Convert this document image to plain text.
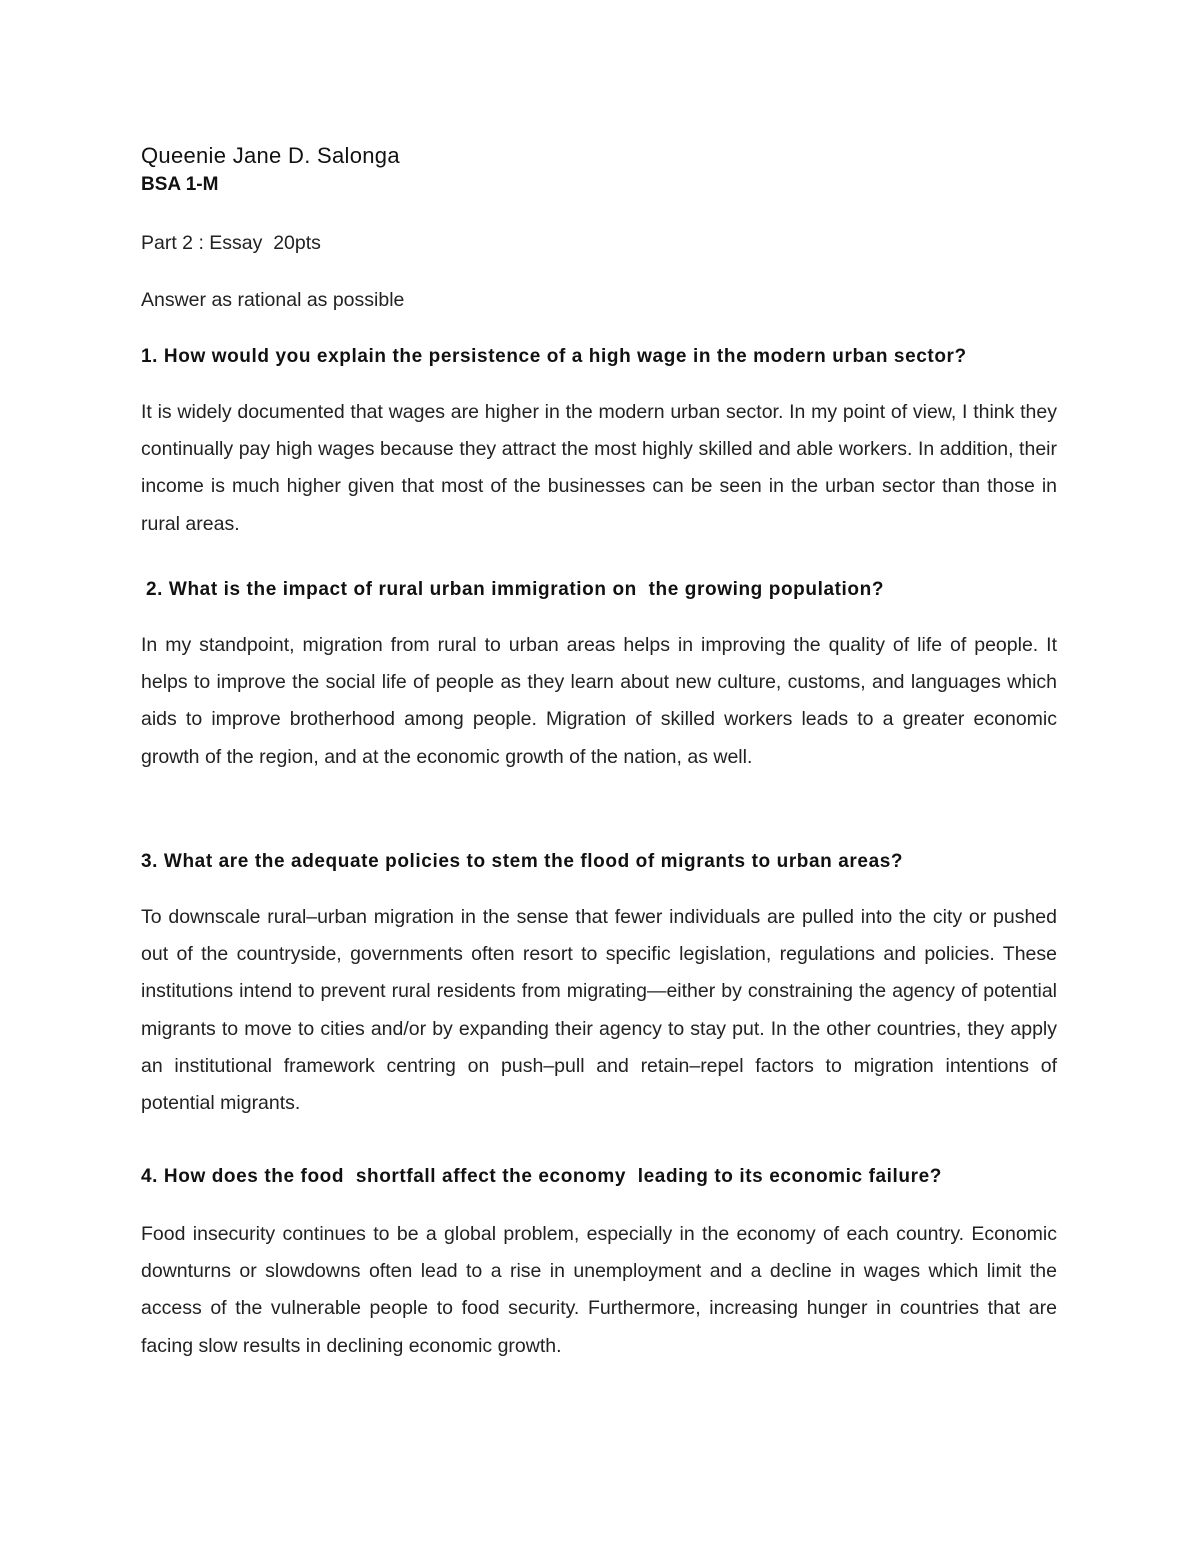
Queenie Jane D. Salonga

BSA 1-M

Part 2 : Essay  20pts

Answer as rational as possible

1. How would you explain the persistence of a high wage in the modern urban sector?

It is widely documented that wages are higher in the modern urban sector. In my point of view, I think they continually pay high wages because they attract the most highly skilled and able workers. In addition, their income is much higher given that most of the businesses can be seen in the urban sector than those in rural areas.

2. What is the impact of rural urban immigration on  the growing population?

In my standpoint, migration from rural to urban areas helps in improving the quality of life of people. It helps to improve the social life of people as they learn about new culture, customs, and languages which aids to improve brotherhood among people. Migration of skilled workers leads to a greater economic growth of the region, and at the economic growth of the nation, as well.

3. What are the adequate policies to stem the flood of migrants to urban areas?

To downscale rural–urban migration in the sense that fewer individuals are pulled into the city or pushed out of the countryside, governments often resort to specific legislation, regulations and policies. These institutions intend to prevent rural residents from migrating—either by constraining the agency of potential migrants to move to cities and/or by expanding their agency to stay put. In the other countries, they apply an institutional framework centring on push–pull and retain–repel factors to migration intentions of potential migrants.

4. How does the food  shortfall affect the economy  leading to its economic failure?

Food insecurity continues to be a global problem, especially in the economy of each country. Economic downturns or slowdowns often lead to a rise in unemployment and a decline in wages which limit the access of the vulnerable people to food security. Furthermore, increasing hunger in countries that are facing slow results in declining economic growth.
